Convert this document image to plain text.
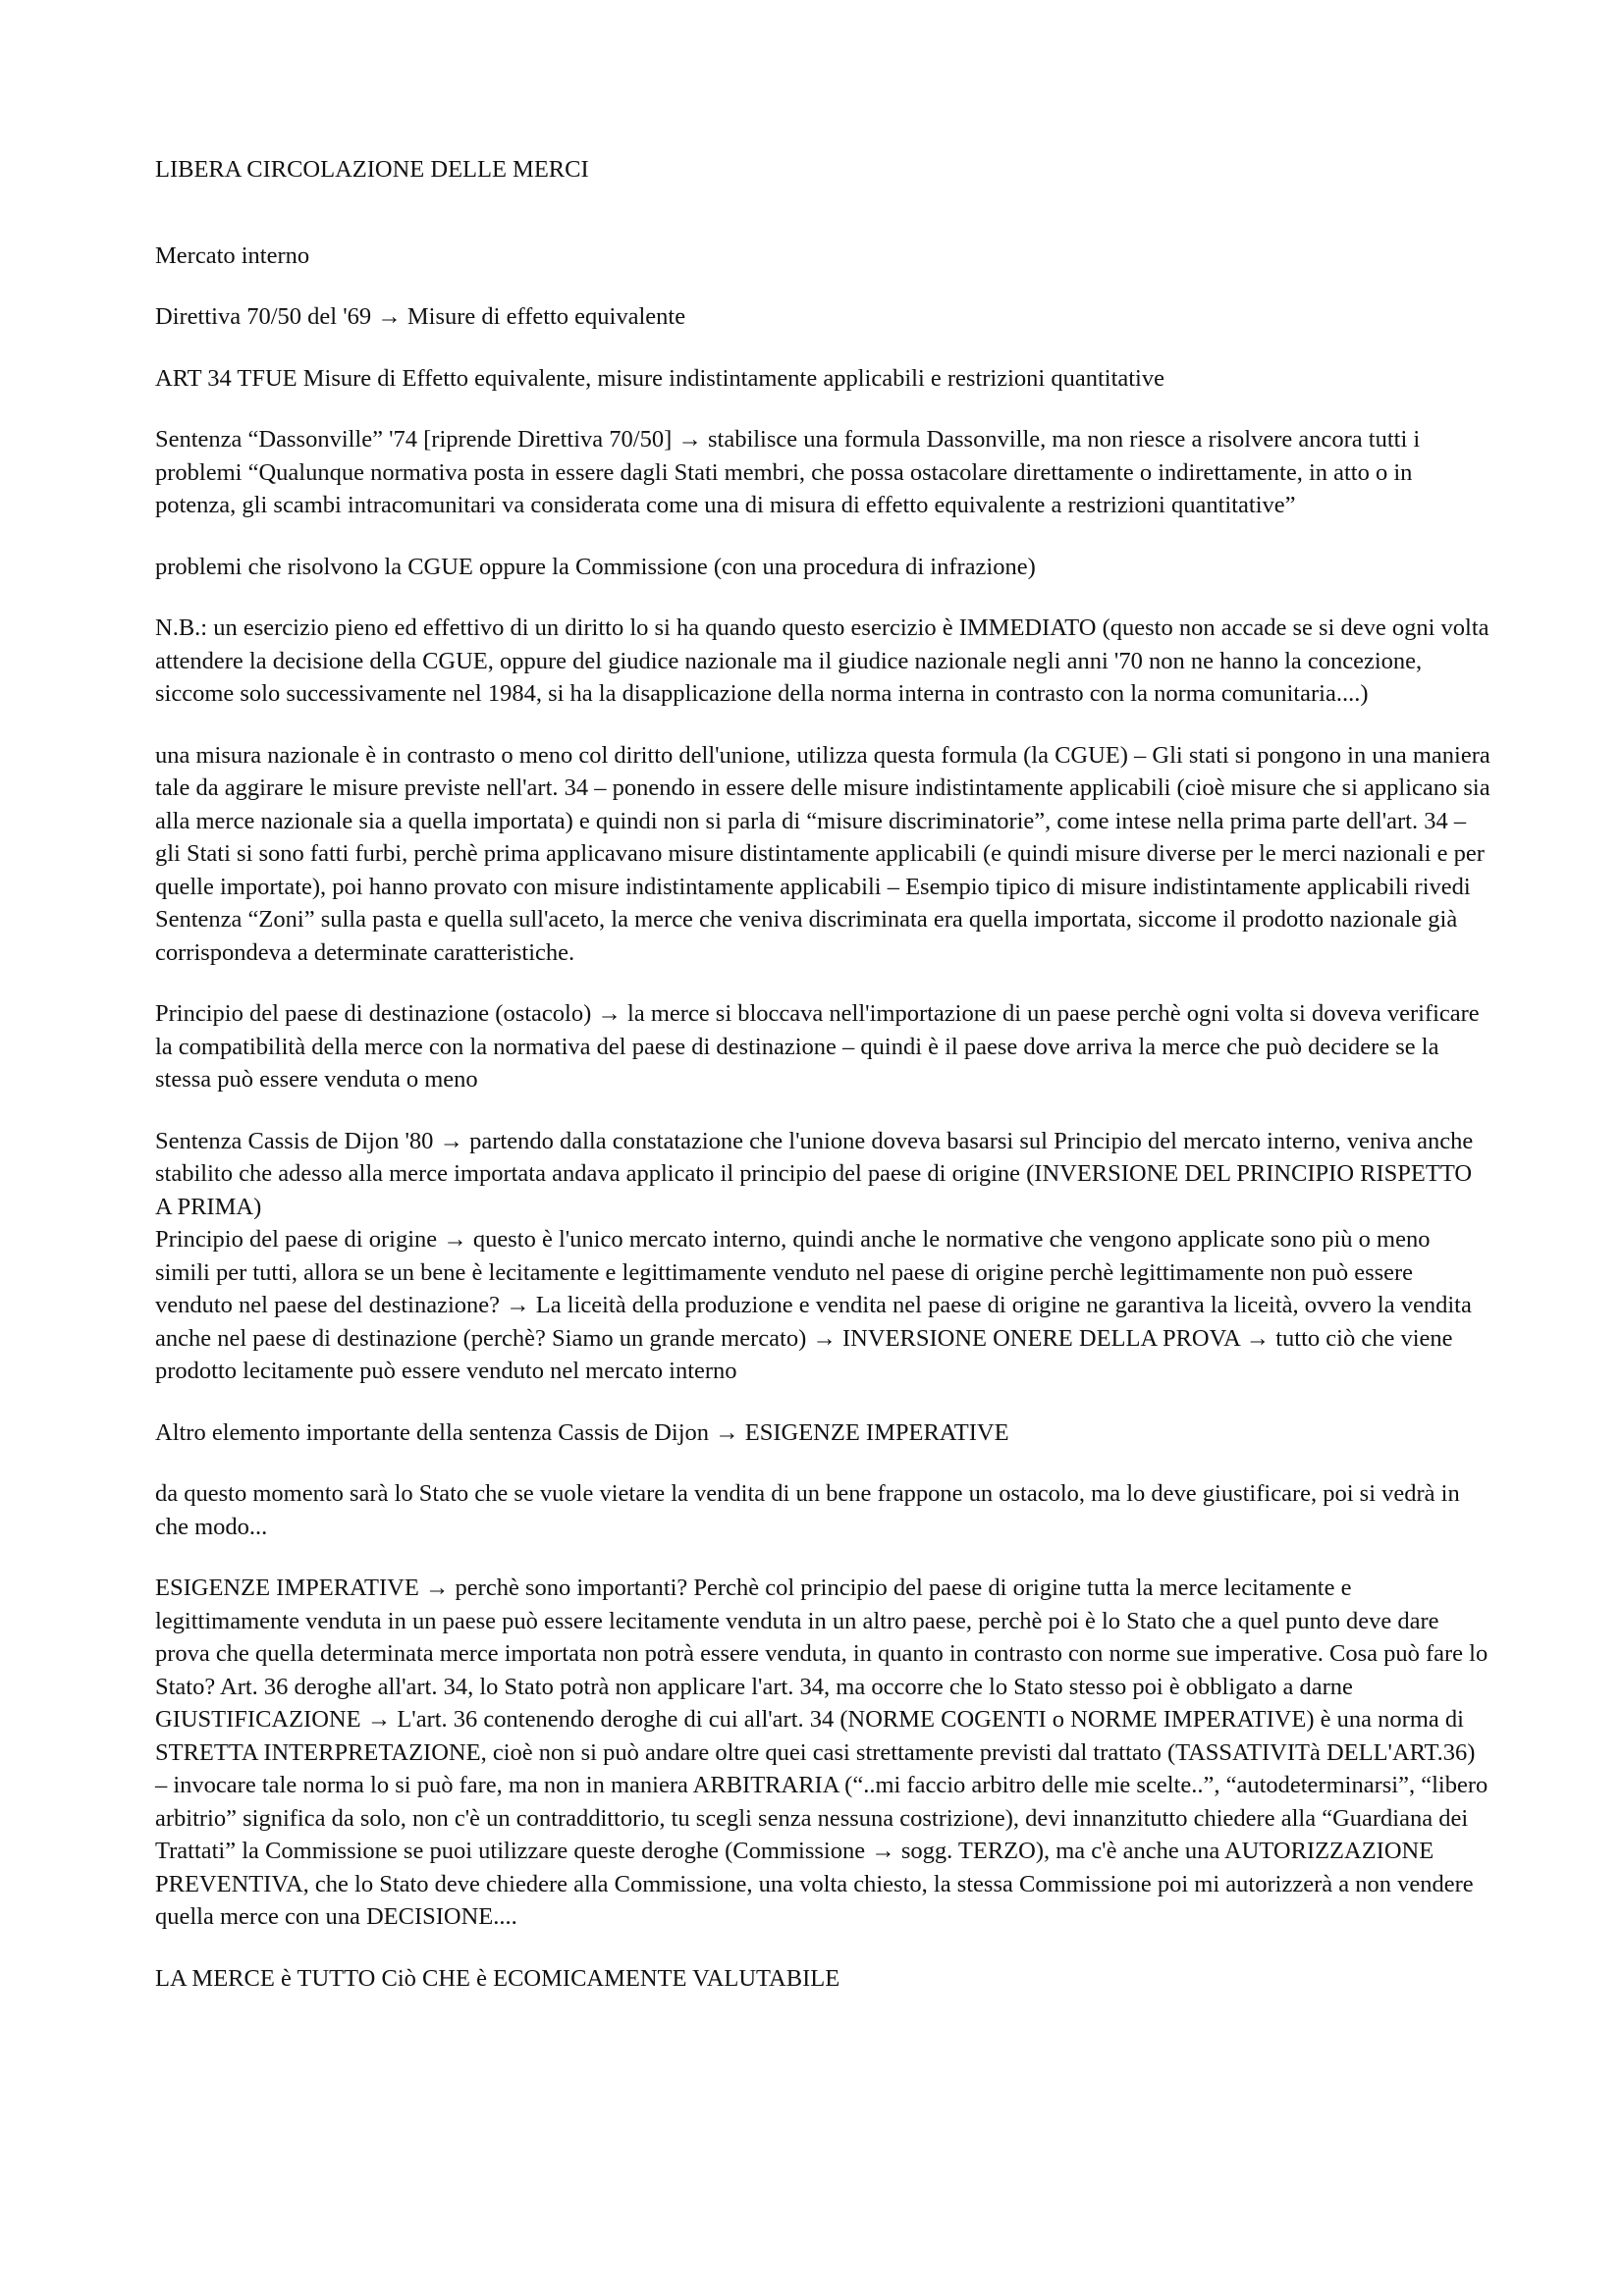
LIBERA CIRCOLAZIONE DELLE MERCI

Mercato interno

Direttiva 70/50 del '69 → Misure di effetto equivalente

ART 34 TFUE Misure di Effetto equivalente, misure indistintamente applicabili e restrizioni quantitative

Sentenza “Dassonville” '74 [riprende Direttiva 70/50] → stabilisce una formula Dassonville, ma non riesce a risolvere ancora tutti i problemi “Qualunque normativa posta in essere dagli Stati membri, che possa ostacolare direttamente o indirettamente, in atto o in potenza, gli scambi intracomunitari va considerata come una di misura di effetto equivalente a restrizioni quantitative”

problemi che risolvono la CGUE oppure la Commissione (con una procedura di infrazione)

N.B.: un esercizio pieno ed effettivo di un diritto lo si ha quando questo esercizio è IMMEDIATO (questo non accade se si deve ogni volta attendere la decisione della CGUE, oppure del giudice nazionale ma il giudice nazionale negli anni '70 non ne hanno la concezione, siccome solo successivamente nel 1984, si ha la disapplicazione della norma interna in contrasto con la norma comunitaria....)

una misura nazionale è in contrasto o meno col diritto dell'unione, utilizza questa formula (la CGUE) – Gli stati si pongono in una maniera tale da aggirare le misure previste nell'art. 34 – ponendo in essere delle misure indistintamente applicabili (cioè misure che si applicano sia alla merce nazionale sia a quella importata) e quindi non si parla di “misure discriminatorie”, come intese nella prima parte dell'art. 34 – gli Stati si sono fatti furbi, perchè prima applicavano misure distintamente applicabili (e quindi misure diverse per le merci nazionali e per quelle importate), poi hanno provato con misure indistintamente applicabili – Esempio tipico di misure indistintamente applicabili rivedi Sentenza “Zoni” sulla pasta e quella sull'aceto, la merce che veniva discriminata era quella importata, siccome il prodotto nazionale già corrispondeva a determinate caratteristiche.

Principio del paese di destinazione (ostacolo) → la merce si bloccava nell'importazione di un paese perchè ogni volta si doveva verificare la compatibilità della merce con la normativa del paese di destinazione – quindi è il paese dove arriva la merce che può decidere se la stessa può essere venduta o meno

Sentenza Cassis de Dijon '80 → partendo dalla constatazione che l'unione doveva basarsi sul Principio del mercato interno, veniva anche stabilito che adesso alla merce importata andava applicato il principio del paese di origine (INVERSIONE DEL PRINCIPIO RISPETTO A PRIMA)

Principio del paese di origine → questo è l'unico mercato interno, quindi anche le normative che vengono applicate sono più o meno simili per tutti, allora se un bene è lecitamente e legittimamente venduto nel paese di origine perchè legittimamente non può essere venduto nel paese del destinazione? → La liceità della produzione e vendita nel paese di origine ne garantiva la liceità, ovvero la vendita anche nel paese di destinazione (perchè? Siamo un grande mercato) → INVERSIONE ONERE DELLA PROVA → tutto ciò che viene prodotto lecitamente può essere venduto nel mercato interno

Altro elemento importante della sentenza Cassis de Dijon → ESIGENZE IMPERATIVE

da questo momento sarà lo Stato che se vuole vietare la vendita di un bene frappone un ostacolo, ma lo deve giustificare, poi si vedrà in che modo...

ESIGENZE IMPERATIVE → perchè sono importanti? Perchè col principio del paese di origine tutta la merce lecitamente e legittimamente venduta in un paese può essere lecitamente venduta in un altro paese, perchè poi è lo Stato che a quel punto deve dare prova che quella determinata merce importata non potrà essere venduta, in quanto in contrasto con norme sue imperative. Cosa può fare lo Stato? Art. 36 deroghe all'art. 34, lo Stato potrà non applicare l'art. 34, ma occorre che lo Stato stesso poi è obbligato a darne GIUSTIFICAZIONE → L'art. 36 contenendo deroghe di cui all'art. 34 (NORME COGENTI o NORME IMPERATIVE) è una norma di STRETTA INTERPRETAZIONE, cioè non si può andare oltre quei casi strettamente previsti dal trattato (TASSATIVITà DELL'ART.36) – invocare tale norma lo si può fare, ma non in maniera ARBITRARIA (“..mi faccio arbitro delle mie scelte..”, “autodeterminarsi”, “libero arbitrio” significa da solo, non c'è un contraddittorio, tu scegli senza nessuna costrizione), devi innanzitutto chiedere alla “Guardiana dei Trattati” la Commissione se puoi utilizzare queste deroghe (Commissione → sogg. TERZO), ma c'è anche una AUTORIZZAZIONE PREVENTIVA, che lo Stato deve chiedere alla Commissione, una volta chiesto, la stessa Commissione poi mi autorizzerà a non vendere quella merce con una DECISIONE....

LA MERCE è TUTTO Ciò CHE è ECOMICAMENTE VALUTABILE
